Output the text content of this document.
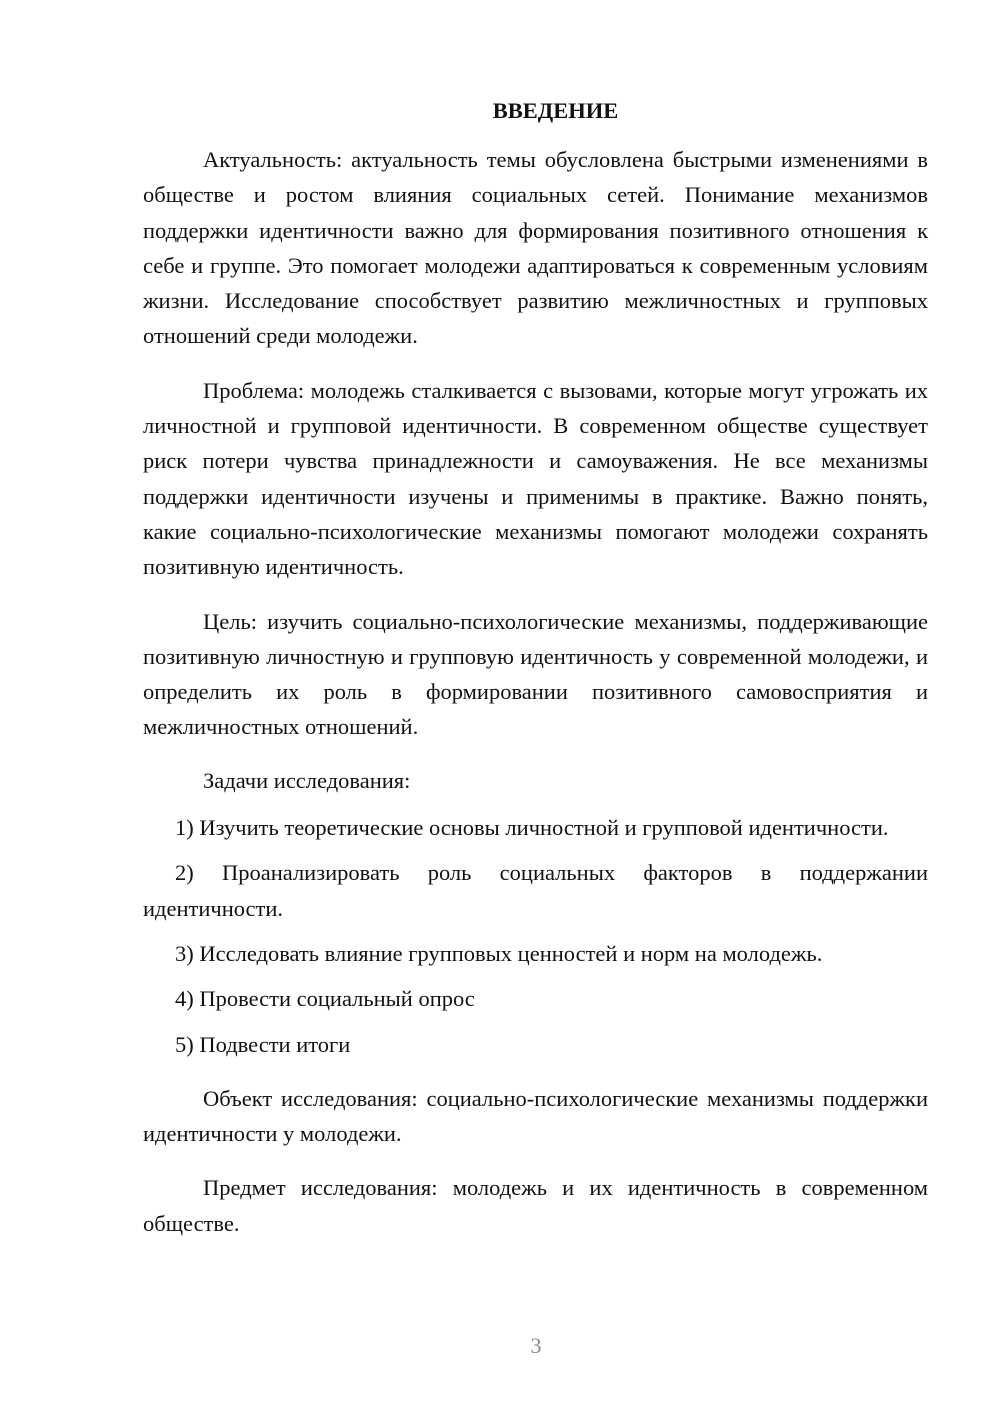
ВВЕДЕНИЕ

Актуальность: актуальность темы обусловлена быстрыми изменениями в обществе и ростом влияния социальных сетей. Понимание механизмов поддержки идентичности важно для формирования позитивного отношения к себе и группе. Это помогает молодежи адаптироваться к современным условиям жизни. Исследование способствует развитию межличностных и групповых отношений среди молодежи.

Проблема: молодежь сталкивается с вызовами, которые могут угрожать их личностной и групповой идентичности. В современном обществе существует риск потери чувства принадлежности и самоуважения. Не все механизмы поддержки идентичности изучены и применимы в практике. Важно понять, какие социально-психологические механизмы помогают молодежи сохранять позитивную идентичность.

Цель: изучить социально-психологические механизмы, поддерживающие позитивную личностную и групповую идентичность у современной молодежи, и определить их роль в формировании позитивного самовосприятия и межличностных отношений.

Задачи исследования:

1) Изучить теоретические основы личностной и групповой идентичности.

2) Проанализировать роль социальных факторов в поддержании идентичности.

3) Исследовать влияние групповых ценностей и норм на молодежь.

4) Провести социальный опрос

5) Подвести итоги

Объект исследования: социально-психологические механизмы поддержки идентичности у молодежи.

Предмет исследования: молодежь и их идентичность в современном обществе.

3
